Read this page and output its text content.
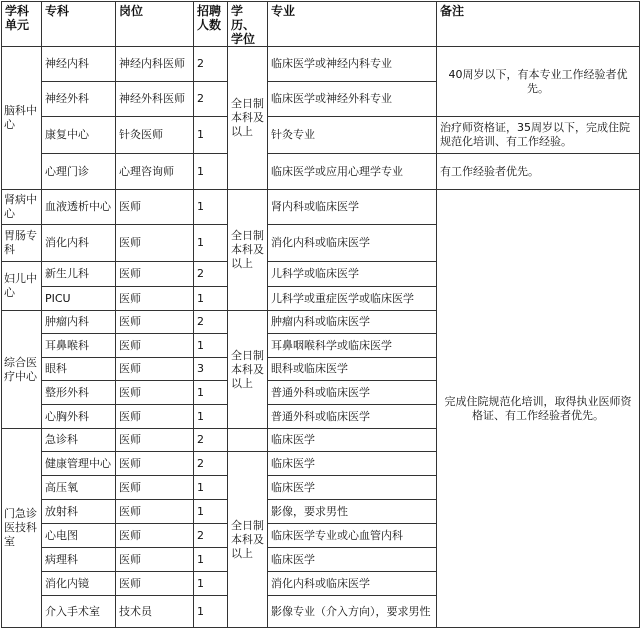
学科单元	专科	岗位	招聘人数	学历、学位	专业	备注
脑科中心	神经内科	神经内科医师	2	全日制本科及以上	临床医学或神经内科专业	40周岁以下，有本专业工作经验者优先。
	神经外科	神经外科医师	2		临床医学或神经外科专业	
	康复中心	针灸医师	1		针灸专业	治疗师资格证，35周岁以下，完成住院规范化培训、有工作经验。
	心理门诊	心理咨询师	1		临床医学或应用心理学专业	有工作经验者优先。
肾病中心	血液透析中心	医师	1	全日制本科及以上	肾内科或临床医学	完成住院规范化培训，取得执业医师资格证、有工作经验者优先。
胃肠专科	消化内科	医师	1		消化内科或临床医学	
妇儿中心	新生儿科	医师	2		儿科学或临床医学	
	PICU	医师	1		儿科学或重症医学或临床医学	
综合医疗中心	肿瘤内科	医师	2	全日制本科及以上	肿瘤内科或临床医学	
	耳鼻喉科	医师	1		耳鼻咽喉科学或临床医学	
	眼科	医师	3		眼科或临床医学	
	整形外科	医师	1		普通外科或临床医学	
	心胸外科	医师	1		普通外科或临床医学	
门急诊医技科室	急诊科	医师	2		临床医学	
	健康管理中心	医师	2	全日制本科及以上	临床医学	
	高压氧	医师	1		临床医学	
	放射科	医师	1		影像，要求男性	
	心电图	医师	2		临床医学专业或心血管内科	
	病理科	医师	1		临床医学	
	消化内镜	医师	1		消化内科或临床医学	
	介入手术室	技术员	1		影像专业（介入方向），要求男性	
